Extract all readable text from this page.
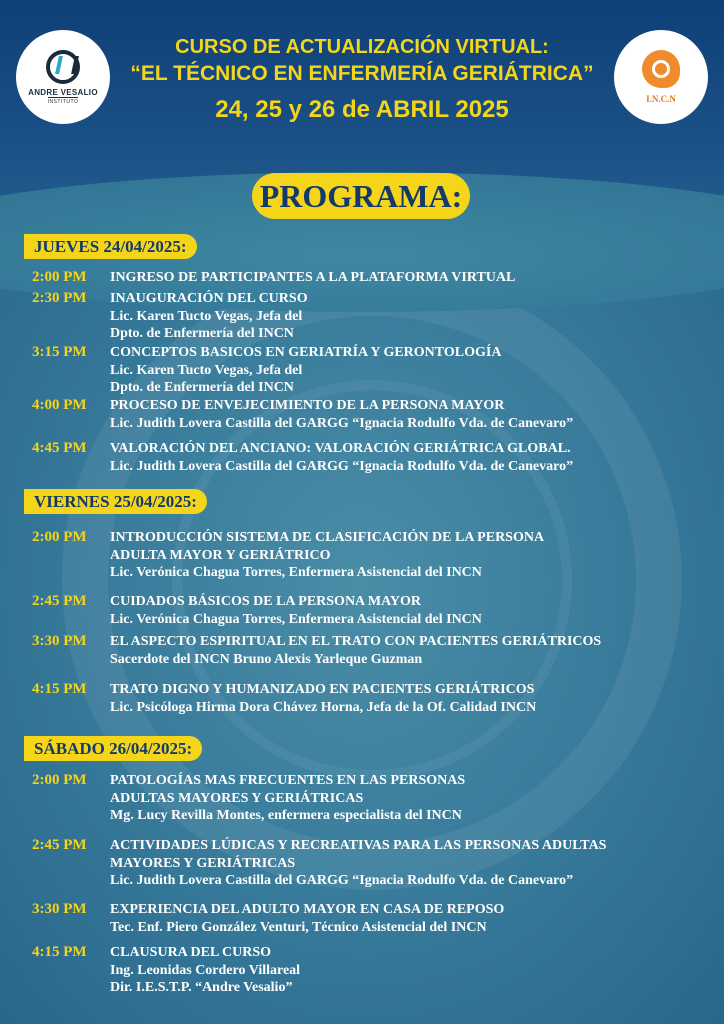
ANDRE VESALIO
INSTITUTO	I.N.C.N
CURSO DE ACTUALIZACIÓN VIRTUAL:
“EL TÉCNICO EN ENFERMERÍA GERIÁTRICA”
24, 25 y 26 de ABRIL 2025
PROGRAMA:
JUEVES 24/04/2025:
2:00 PM	INGRESO DE PARTICIPANTES A LA PLATAFORMA VIRTUAL
2:30 PM	INAUGURACIÓN DEL CURSO
Lic. Karen Tucto Vegas, Jefa del
Dpto. de Enfermería del INCN
3:15 PM	CONCEPTOS BASICOS EN GERIATRÍA Y GERONTOLOGÍA
Lic. Karen Tucto Vegas, Jefa del
Dpto. de Enfermería del INCN
4:00 PM	PROCESO DE ENVEJECIMIENTO DE LA PERSONA MAYOR
Lic. Judith Lovera Castilla del GARGG “Ignacia Rodulfo Vda. de Canevaro”
4:45 PM	VALORACIÓN DEL ANCIANO: VALORACIÓN GERIÁTRICA GLOBAL.
Lic. Judith Lovera Castilla del GARGG “Ignacia Rodulfo Vda. de Canevaro”
VIERNES 25/04/2025:
2:00 PM	INTRODUCCIÓN SISTEMA DE CLASIFICACIÓN DE LA PERSONA
ADULTA MAYOR Y GERIÁTRICO
Lic. Verónica Chagua Torres, Enfermera Asistencial del INCN
2:45 PM	CUIDADOS BÁSICOS DE LA PERSONA MAYOR
Lic. Verónica Chagua Torres, Enfermera Asistencial del INCN
3:30 PM	EL ASPECTO ESPIRITUAL EN EL TRATO CON PACIENTES GERIÁTRICOS
Sacerdote del INCN Bruno Alexis Yarleque Guzman
4:15 PM	TRATO DIGNO Y HUMANIZADO EN PACIENTES GERIÁTRICOS
Lic. Psicóloga Hirma Dora Chávez Horna, Jefa de la Of. Calidad INCN
SÁBADO 26/04/2025:
2:00 PM	PATOLOGÍAS MAS FRECUENTES EN LAS PERSONAS
ADULTAS MAYORES Y GERIÁTRICAS
Mg. Lucy Revilla Montes, enfermera especialista del INCN
2:45 PM	ACTIVIDADES LÚDICAS Y RECREATIVAS PARA LAS PERSONAS ADULTAS
MAYORES Y GERIÁTRICAS
Lic. Judith Lovera Castilla del GARGG “Ignacia Rodulfo Vda. de Canevaro”
3:30 PM	EXPERIENCIA DEL ADULTO MAYOR EN CASA DE REPOSO
Tec. Enf. Piero González Venturi, Técnico Asistencial del INCN
4:15 PM	CLAUSURA DEL CURSO
Ing. Leonidas Cordero Villareal
Dir. I.E.S.T.P. “Andre Vesalio”
